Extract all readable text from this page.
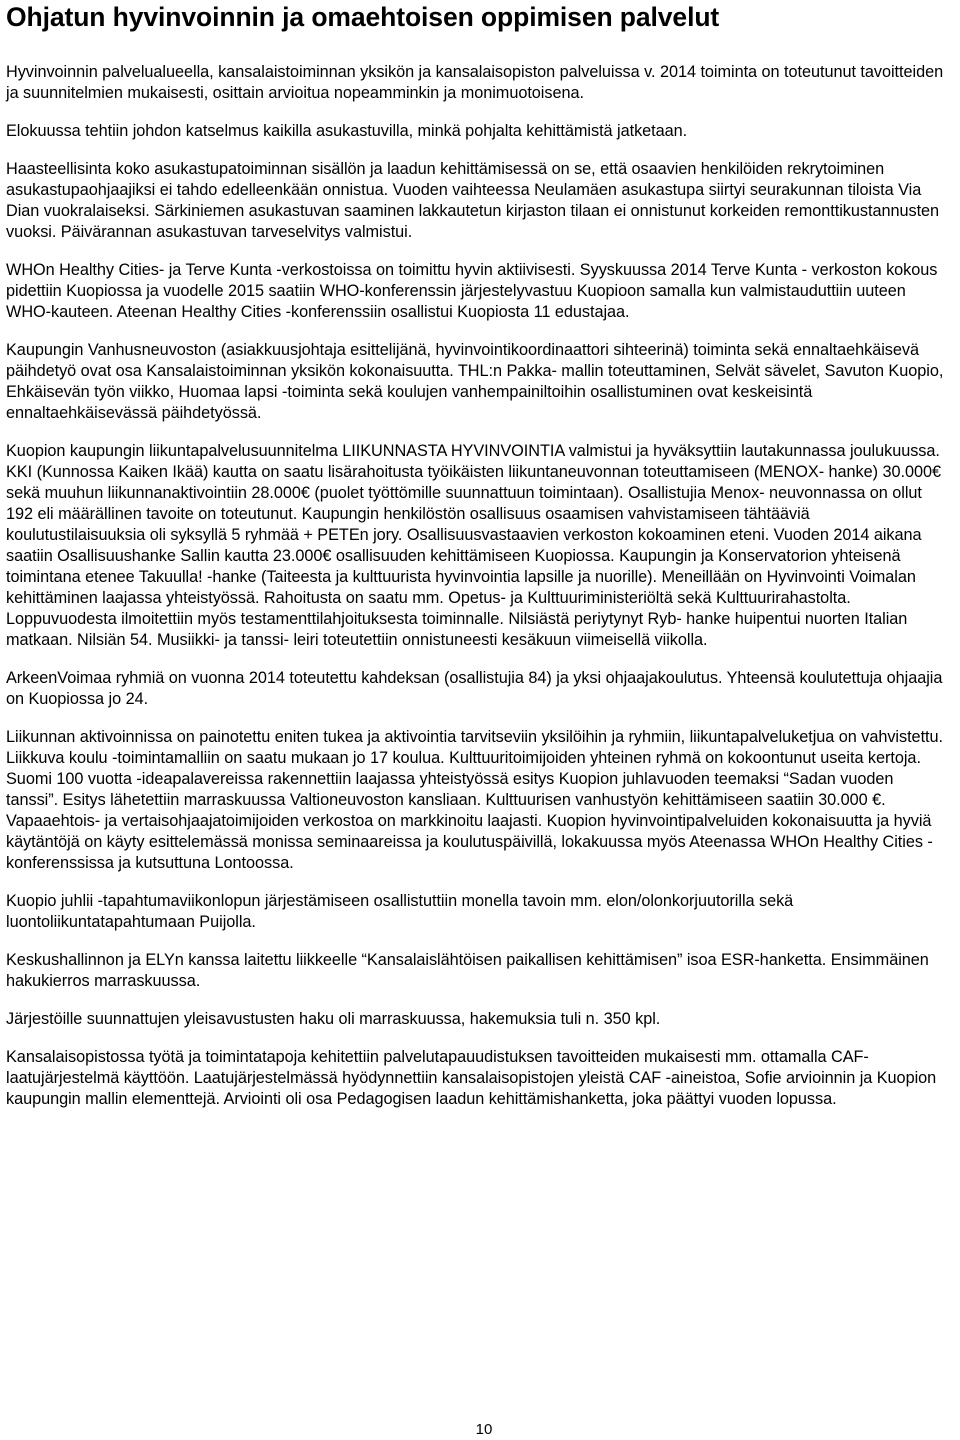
Ohjatun hyvinvoinnin ja omaehtoisen oppimisen palvelut

Hyvinvoinnin palvelualueella, kansalaistoiminnan yksikön ja kansalaisopiston palveluissa v. 2014 toiminta on toteutunut tavoitteiden ja suunnitelmien mukaisesti, osittain arvioitua nopeamminkin ja monimuotoisena.

Elokuussa tehtiin johdon katselmus kaikilla asukastuvilla, minkä pohjalta kehittämistä jatketaan.

Haasteellisinta koko asukastupatoiminnan sisällön ja laadun kehittämisessä on se, että osaavien henkilöiden rekrytoiminen asukastupaohjaajiksi ei tahdo edelleenkään onnistua. Vuoden vaihteessa Neulamäen asukastupa siirtyi seurakunnan tiloista Via Dian vuokralaiseksi. Särkiniemen asukastuvan saaminen lakkautetun kirjaston tilaan ei onnistunut korkeiden remonttikustannusten vuoksi. Päivärannan asukastuvan tarveselvitys valmistui.

WHOn Healthy Cities- ja Terve Kunta -verkostoissa on toimittu hyvin aktiivisesti. Syyskuussa 2014 Terve Kunta - verkoston kokous pidettiin Kuopiossa ja vuodelle 2015 saatiin WHO-konferenssin järjestelyvastuu Kuopioon samalla kun valmistauduttiin uuteen WHO-kauteen. Ateenan Healthy Cities -konferenssiin osallistui Kuopiosta 11 edustajaa.

Kaupungin Vanhusneuvoston (asiakkuusjohtaja esittelijänä, hyvinvointikoordinaattori sihteerinä) toiminta sekä ennaltaehkäisevä päihdetyö ovat osa Kansalaistoiminnan yksikön kokonaisuutta. THL:n Pakka- mallin toteuttaminen, Selvät sävelet, Savuton Kuopio, Ehkäisevän työn viikko, Huomaa lapsi -toiminta sekä koulujen vanhempainiltoihin osallistuminen ovat keskeisintä ennaltaehkäisevässä päihdetyössä.

Kuopion kaupungin liikuntapalvelusuunnitelma LIIKUNNASTA HYVINVOINTIA valmistui ja hyväksyttiin lautakunnassa joulukuussa. KKI (Kunnossa Kaiken Ikää) kautta on saatu lisärahoitusta työikäisten liikuntaneuvonnan toteuttamiseen (MENOX- hanke) 30.000€ sekä muuhun liikunnanaktivointiin 28.000€ (puolet työttömille suunnattuun toimintaan). Osallistujia Menox- neuvonnassa on ollut 192 eli määrällinen tavoite on toteutunut. Kaupungin henkilöstön osallisuus osaamisen vahvistamiseen tähtääviä koulutustilaisuuksia oli syksyllä 5 ryhmää + PETEn jory. Osallisuusvastaavien verkoston kokoaminen eteni. Vuoden 2014 aikana saatiin Osallisuushanke Sallin kautta 23.000€ osallisuuden kehittämiseen Kuopiossa. Kaupungin ja Konservatorion yhteisenä toimintana etenee Takuulla! -hanke (Taiteesta ja kulttuurista hyvinvointia lapsille ja nuorille). Meneillään on Hyvinvointi Voimalan kehittäminen laajassa yhteistyössä. Rahoitusta on saatu mm. Opetus- ja Kulttuuriministeriöltä sekä Kulttuurirahastolta. Loppuvuodesta ilmoitettiin myös testamenttilahjoituksesta toiminnalle. Nilsiästä periytynyt Ryb- hanke huipentui nuorten Italian matkaan. Nilsiän 54. Musiikki- ja tanssi- leiri toteutettiin onnistuneesti kesäkuun viimeisellä viikolla.

ArkeenVoimaa ryhmiä on vuonna 2014 toteutettu kahdeksan (osallistujia 84) ja yksi ohjaajakoulutus. Yhteensä koulutettuja ohjaajia on Kuopiossa jo 24.

Liikunnan aktivoinnissa on painotettu eniten tukea ja aktivointia tarvitseviin yksilöihin ja ryhmiin, liikuntapalveluketjua on vahvistettu. Liikkuva koulu -toimintamalliin on saatu mukaan jo 17 koulua. Kulttuuritoimijoiden yhteinen ryhmä on kokoontunut useita kertoja. Suomi 100 vuotta -ideapalavereissa rakennettiin laajassa yhteistyössä esitys Kuopion juhlavuoden teemaksi “Sadan vuoden tanssi”. Esitys lähetettiin marraskuussa Valtioneuvoston kansliaan. Kulttuurisen vanhustyön kehittämiseen saatiin 30.000 €. Vapaaehtois- ja vertaisohjaajatoimijoiden verkostoa on markkinoitu laajasti. Kuopion hyvinvointipalveluiden kokonaisuutta ja hyviä käytäntöjä on käyty esittelemässä monissa seminaareissa ja koulutuspäivillä, lokakuussa myös Ateenassa WHOn Healthy Cities -konferenssissa ja kutsuttuna Lontoossa.

Kuopio juhlii -tapahtumaviikonlopun järjestämiseen osallistuttiin monella tavoin mm. elon/olonkorjuutorilla sekä luontoliikuntatapahtumaan Puijolla.

Keskushallinnon ja ELYn kanssa laitettu liikkeelle “Kansalaislähtöisen paikallisen kehittämisen” isoa ESR-hanketta. Ensimmäinen hakukierros marraskuussa.

Järjestöille suunnattujen yleisavustusten haku oli marraskuussa, hakemuksia tuli n. 350 kpl.

Kansalaisopistossa työtä ja toimintatapoja kehitettiin palvelutapauudistuksen tavoitteiden mukaisesti mm. ottamalla CAF-laatujärjestelmä käyttöön. Laatujärjestelmässä hyödynnettiin kansalaisopistojen yleistä CAF -aineistoa, Sofie arvioinnin ja Kuopion kaupungin mallin elementtejä. Arviointi oli osa Pedagogisen laadun kehittämishanketta, joka päättyi vuoden lopussa.

10
